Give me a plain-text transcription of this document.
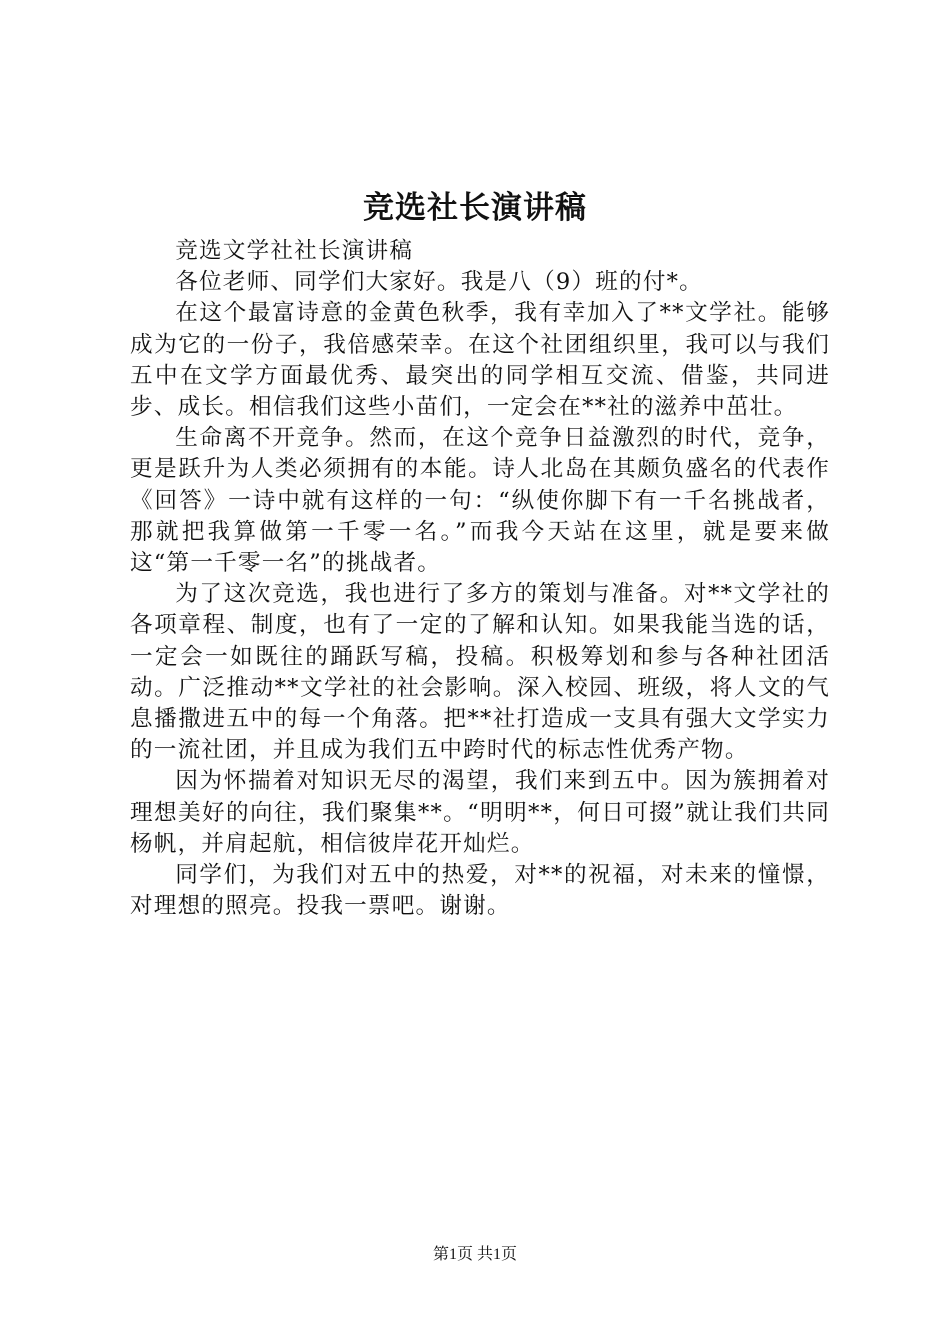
竞选社长演讲稿

竞选文学社社长演讲稿

各位老师、同学们大家好。我是八（9）班的付*。

在这个最富诗意的金黄色秋季，我有幸加入了**文学社。能够成为它的一份子，我倍感荣幸。在这个社团组织里，我可以与我们五中在文学方面最优秀、最突出的同学相互交流、借鉴，共同进步、成长。相信我们这些小苗们，一定会在**社的滋养中茁壮。

生命离不开竞争。然而，在这个竞争日益激烈的时代，竞争，更是跃升为人类必须拥有的本能。诗人北岛在其颇负盛名的代表作《回答》一诗中就有这样的一句：“纵使你脚下有一千名挑战者，那就把我算做第一千零一名。”而我今天站在这里，就是要来做这“第一千零一名”的挑战者。

为了这次竞选，我也进行了多方的策划与准备。对**文学社的各项章程、制度，也有了一定的了解和认知。如果我能当选的话，一定会一如既往的踊跃写稿，投稿。积极筹划和参与各种社团活动。广泛推动**文学社的社会影响。深入校园、班级，将人文的气息播撒进五中的每一个角落。把**社打造成一支具有强大文学实力的一流社团，并且成为我们五中跨时代的标志性优秀产物。

因为怀揣着对知识无尽的渴望，我们来到五中。因为簇拥着对理想美好的向往，我们聚集**。“明明**，何日可掇”就让我们共同杨帆，并肩起航，相信彼岸花开灿烂。

同学们，为我们对五中的热爱，对**的祝福，对未来的憧憬，对理想的照亮。投我一票吧。谢谢。

第1页 共1页
